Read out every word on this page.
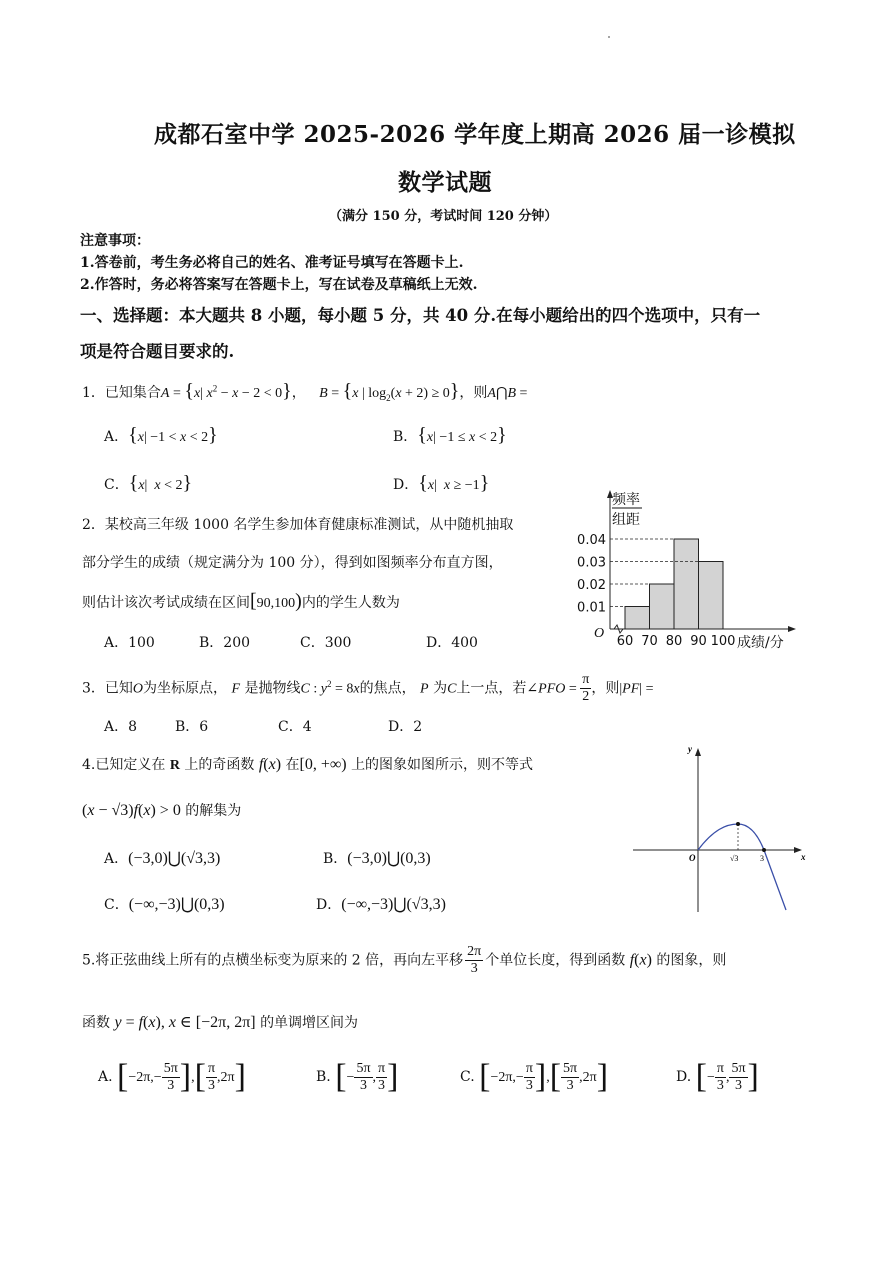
成都石室中学 2025-2026 学年度上期高 2026 届一诊模拟
数学试题
（满分 150 分，考试时间 120 分钟）
注意事项：
1.答卷前，考生务必将自己的姓名、准考证号填写在答题卡上.
2.作答时，务必将答案写在答题卡上，写在试卷及草稿纸上无效.
一、选择题：本大题共 8 小题，每小题 5 分，共 40 分.在每小题给出的四个选项中，只有一
项是符合题目要求的.
1．已知集合A = {x| $x^2 - x - 2 < 0$}， B = {x | $\log_2(x + 2) \ge 0$}，则A⋂B =
A．{x| −1 < x < 2}	B．{x| −1 ≤ x < 2}
C．{x|  x < 2}	D．{x|  x ≥ −1}
2．某校高三年级 1000 名学生参加体育健康标准测试，从中随机抽取
部分学生的成绩（规定满分为 100 分），得到如图频率分布直方图，
则估计该次考试成绩在区间[90,100)内的学生人数为
A．100	B．200	C．300	D．400
频率
组距
O
0.01
0.02
0.03
0.04
60 70 80 90 100 成绩/分
3．已知O为坐标原点， F 是抛物线C : $y^2 = 8x$的焦点， P 为C上一点，若∠PFO = $\frac{\pi}{2}$ ，则|PF| =
A．8	B．6	C．4	D．2
4.已知定义在 R 上的奇函数 f(x) 在[0, +∞) 上的图象如图所示，则不等式
(x − √3)f(x) > 0 的解集为
A．(−3,0)⋃(√3,3)	B．(−3,0)⋃(0,3)
C．(−∞,−3)⋃(0,3)	D．(−∞,−3)⋃(√3,3)
y
x
O	√3	3
5.将正弦曲线上所有的点横坐标变为原来的 2 倍，再向左平移 $\frac{2\pi}{3}$ 个单位长度，得到函数 f(x) 的图象，则
函数 y = f(x), x ∈ [−2π, 2π] 的单调增区间为
A. [$-2\pi,- \frac{5\pi}{3}$ ],[ $\frac{\pi}{3} ,2\pi$]	B. [− $\frac{5\pi}{3}$ , $\frac{\pi}{3}$ ]	C. [$-2\pi,- \frac{\pi}{3}$ ],[ $\frac{5\pi}{3} ,2\pi$]	D. [− $\frac{\pi}{3}$ , $\frac{5\pi}{3}$ ]
